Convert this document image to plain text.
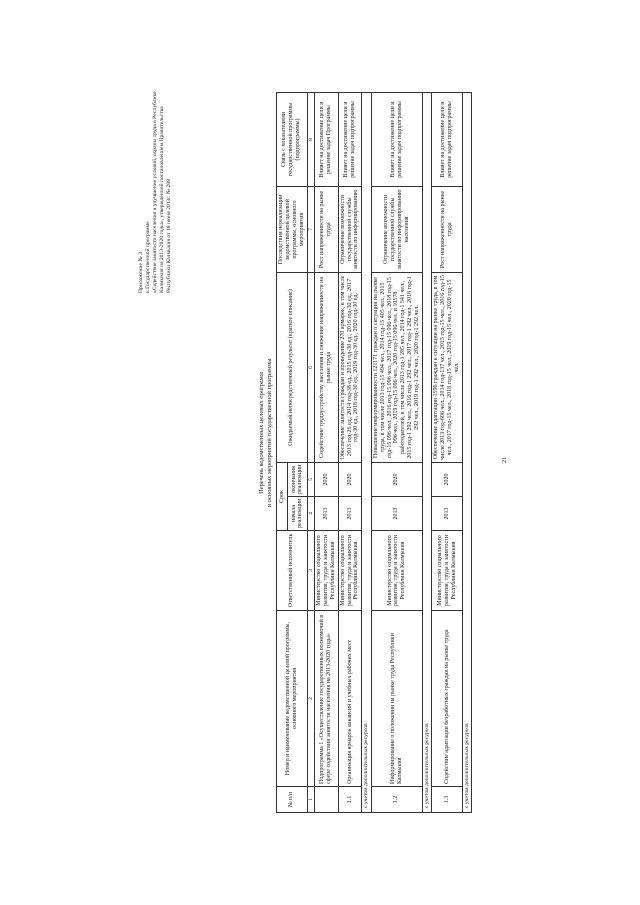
Приложение № 3 к Государственной программе «Содействие занятости населения и улучшение условий, охраны труда в Республике Калмыкия на 2013-2020 годы», утвержденной постановлением Правительства Республики Калмыкия от 18 июня 2013г. № 288
Перечень ведомственных целевых программ и основных мероприятий государственной программы
№ п/п	Номер и наименование ведомственной целевой программы, основного мероприятия	Ответственный исполнитель	Срок		Ожидаемый непосредственный результат (краткое описание)	Последствия нереализации ведомственной целевой программы, основного мероприятия	Связь с показателями государственной программы (подпрограммы)
			начала реализации	окончания реализации			
1	2	3	4	5	6	7	8
	Подпрограмма 1 «Осуществление государственных полномочий в сфере содействия занятости населения на 2013-2020 годы»	Министерство социального развития, труда и занятости Республики Калмыкия	2013	2020	Содействие трудоустройству населения и снижение напряженности на рынке труда	Рост напряженности на рынке труда	Влияет на достижение цели и решение задач Программы
1.1	Организация ярмарок вакансий и учебных рабочих мест	Министерство социального развития, труда и занятости Республики Калмыкия	2013	2020	Обеспечение занятости граждан и проведение 270 ярмарок, в том числе 2013 год-26 ед., 2014 год-38 ед., 2015 год-30 ед., 2016 год-30 ед., 2017 год-30 ед., 2018 год-30 ед., 2019 год-30 ед., 2020 год-30 ед.	Ограничение возможности государственной службы занятости по информированию	Влияет на достижение цели и решение задач подпрограммы
с учетом дополнительных ресурсов							
1.2	Информирование о положении на рынке труда Республики Калмыкия	Министерство социального развития, труда и занятости Республики Калмыкия	2013	2020	Повышение информированности 121171 граждан о ситуации на рынке труда, в том числе 2013 год-15 494 чел., 2014 год-15 405 чел., 2015 год-15 096 чел., 2016 год-15 096 чел., 2017 год-15 096 чел., 2018 год-15 096 чел., 2019 год-15 096 чел., 2020 год-15 096 чел. и 10578 работодателей, в том числе 2013 год-1 285 чел., 2014 год-1 541 чел., 2015 год-1 292 чел., 2016 год-1 292 чел., 2017 год-1 292 чел., 2018 год-1 292 чел., 2019 год-1 292 чел., 2020 год-1 292 чел.	Ограничение возможности государственной службы занятости по информированию населения	Влияет на достижение цели и решение задач подпрограммы
с учетом дополнительных ресурсов							
1.3	Содействие адаптации безработных граждан на рынке труда	Министерство социального развития, труда и занятости Республики Калмыкия	2013	2020	Обеспечение адаптации 1596 граждан к ситуации на рынке труда, в том числе 2013 год-606 чел., 2014 год-137 чел., 2015 год-15 чел., 2016 год-15 чел., 2017 год-15 чел., 2018 год-15 чел., 2019 год-15 чел., 2020 год-15 чел.	Рост напряженности на рынке труда	Влияет на достижение цели и решение задач подпрограммы
с учетом дополнительных ресурсов							
21
